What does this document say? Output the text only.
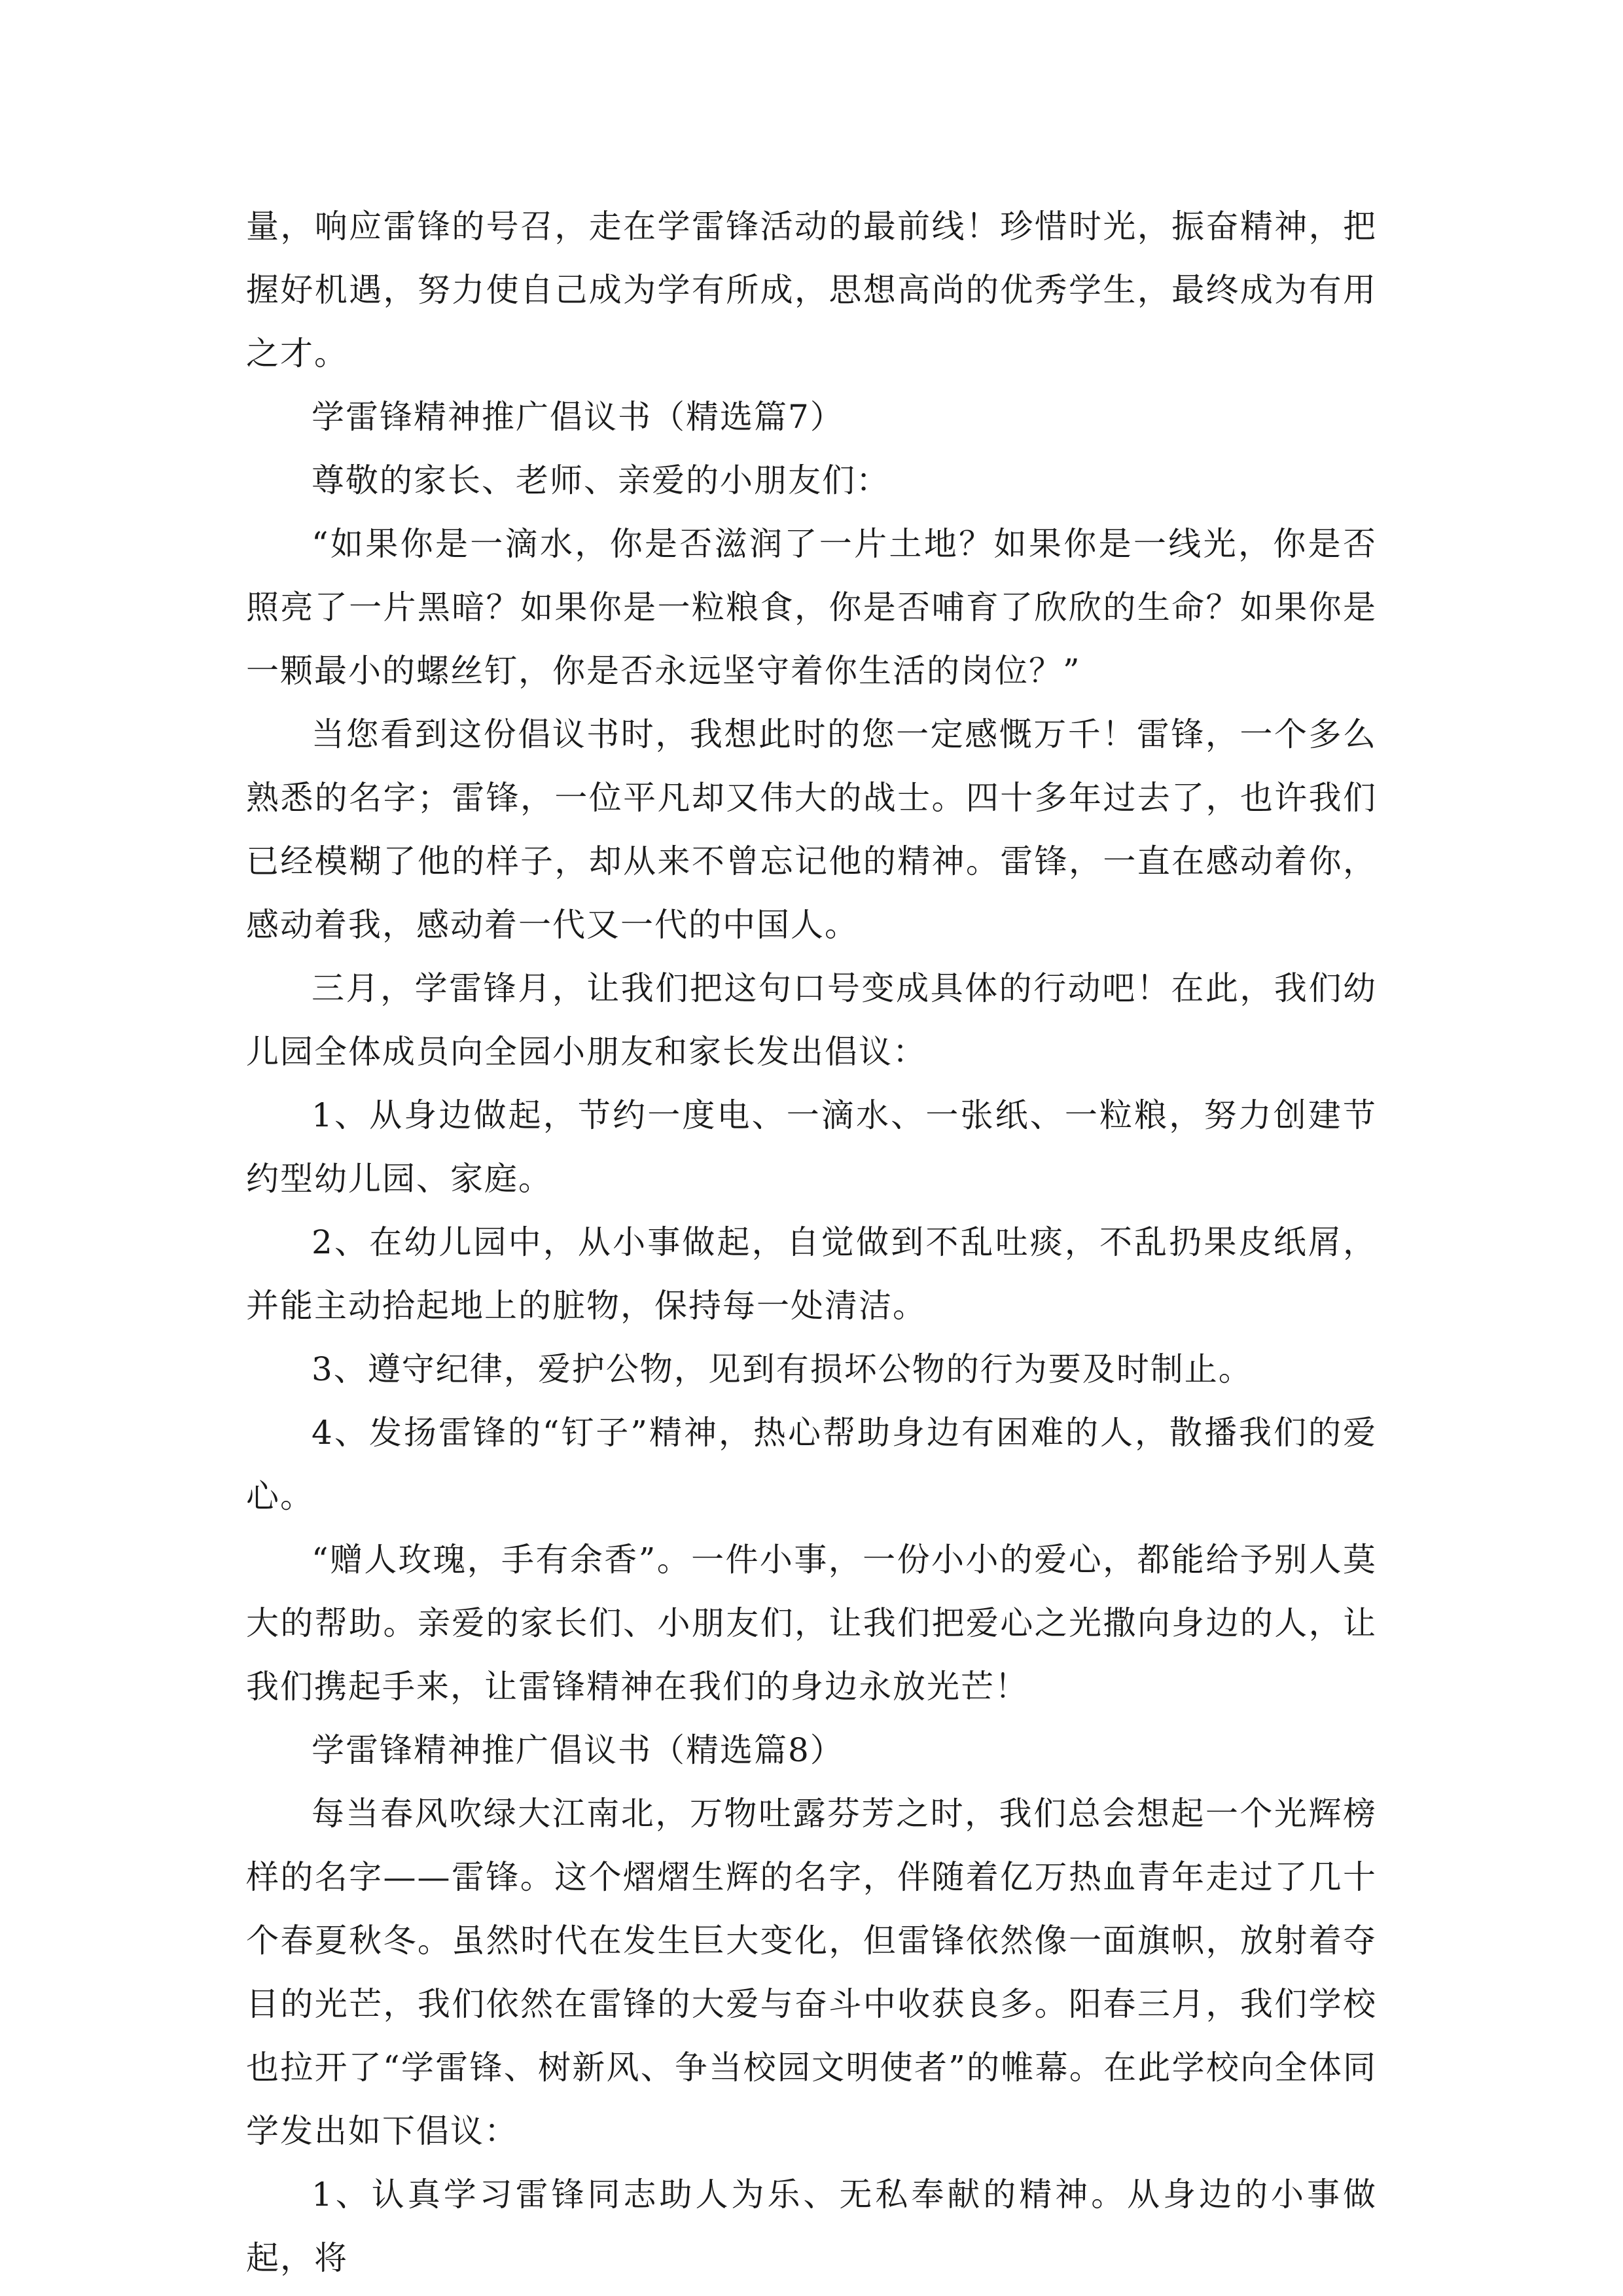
量，响应雷锋的号召，走在学雷锋活动的最前线！珍惜时光，振奋精神，把握好机遇，努力使自己成为学有所成，思想高尚的优秀学生，最终成为有用之才。

学雷锋精神推广倡议书（精选篇7）

尊敬的家长、老师、亲爱的小朋友们：

“如果你是一滴水，你是否滋润了一片土地？如果你是一线光，你是否照亮了一片黑暗？如果你是一粒粮食，你是否哺育了欣欣的生命？如果你是一颗最小的螺丝钉，你是否永远坚守着你生活的岗位？”

当您看到这份倡议书时，我想此时的您一定感慨万千！雷锋，一个多么熟悉的名字；雷锋，一位平凡却又伟大的战士。四十多年过去了，也许我们已经模糊了他的样子，却从来不曾忘记他的精神。雷锋，一直在感动着你，感动着我，感动着一代又一代的中国人。

三月，学雷锋月，让我们把这句口号变成具体的行动吧！在此，我们幼儿园全体成员向全园小朋友和家长发出倡议：

1、从身边做起，节约一度电、一滴水、一张纸、一粒粮，努力创建节约型幼儿园、家庭。

2、在幼儿园中，从小事做起，自觉做到不乱吐痰，不乱扔果皮纸屑，并能主动拾起地上的脏物，保持每一处清洁。

3、遵守纪律，爱护公物，见到有损坏公物的行为要及时制止。

4、发扬雷锋的“钉子”精神，热心帮助身边有困难的人，散播我们的爱心。

“赠人玫瑰，手有余香”。一件小事，一份小小的爱心，都能给予别人莫大的帮助。亲爱的家长们、小朋友们，让我们把爱心之光撒向身边的人，让我们携起手来，让雷锋精神在我们的身边永放光芒！

学雷锋精神推广倡议书（精选篇8）

每当春风吹绿大江南北，万物吐露芬芳之时，我们总会想起一个光辉榜样的名字——雷锋。这个熠熠生辉的名字，伴随着亿万热血青年走过了几十个春夏秋冬。虽然时代在发生巨大变化，但雷锋依然像一面旗帜，放射着夺目的光芒，我们依然在雷锋的大爱与奋斗中收获良多。阳春三月，我们学校也拉开了“学雷锋、树新风、争当校园文明使者”的帷幕。在此学校向全体同学发出如下倡议：

1、认真学习雷锋同志助人为乐、无私奉献的精神。从身边的小事做起，将
